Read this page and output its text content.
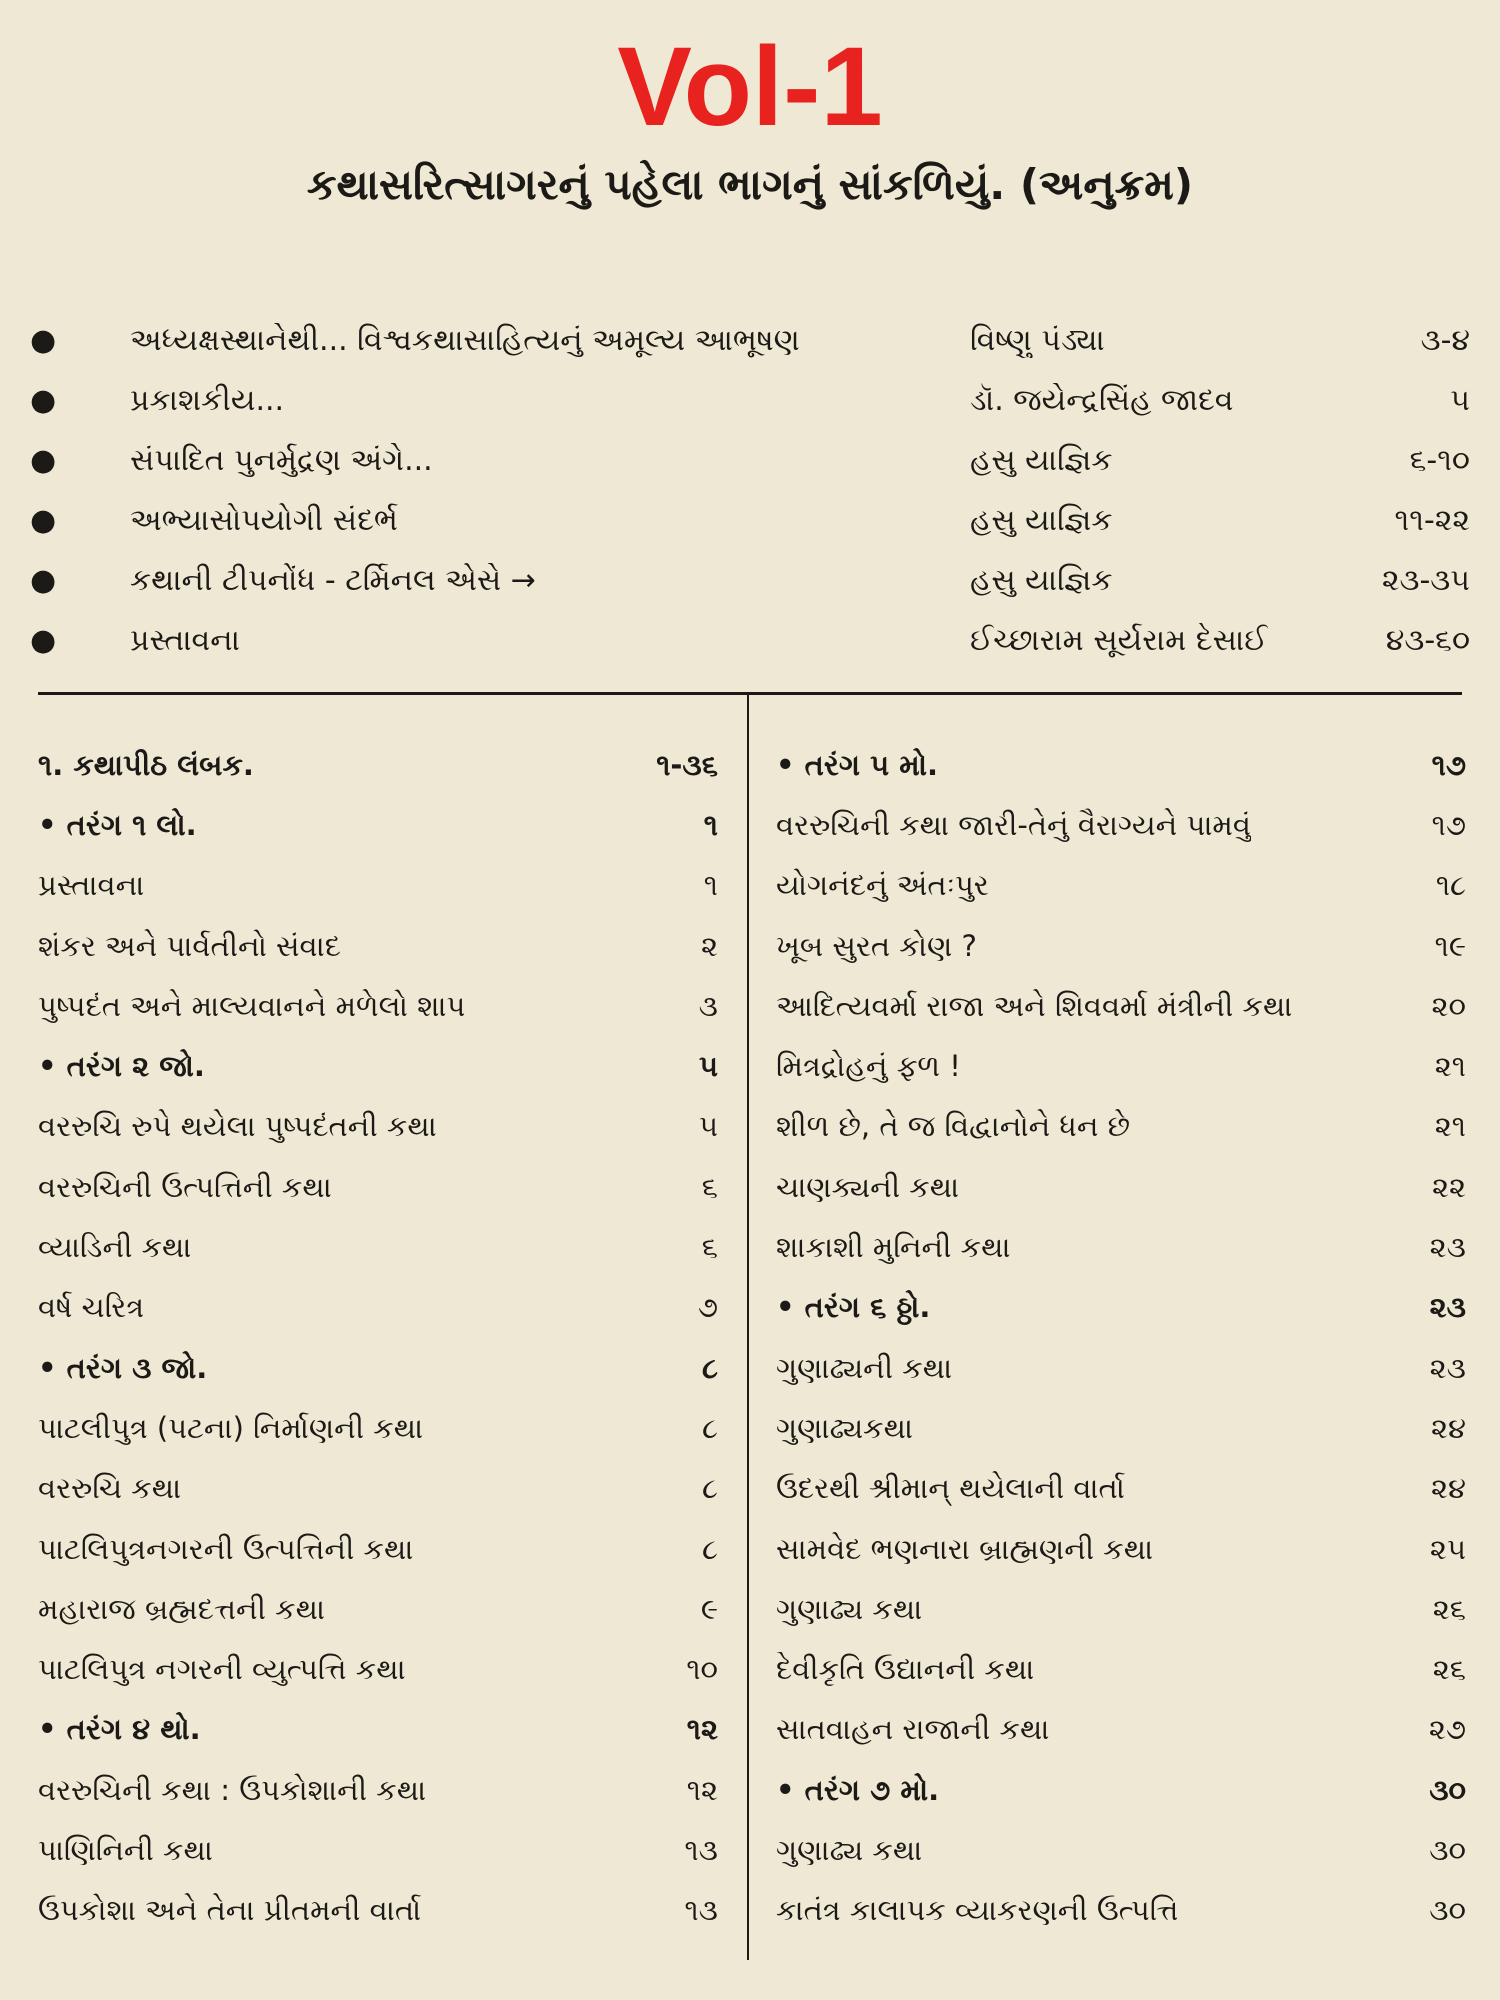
Vol-1
કથાસરિત્સાગરનું પહેલા ભાગનું સાંકળિયું. (અનુક્રમ)
●	અધ્યક્ષસ્થાનેથી... વિશ્વકથાસાહિત્યનું અમૂલ્ય આભૂષણ	વિષ્ણુ પંડ્યા	૩-૪
●	પ્રકાશકીય...	ડૉ. જયેન્દ્રસિંહ જાદવ	૫
●	સંપાદિત પુનર્મુદ્રણ અંગે...	હસુ યાજ્ઞિક	૬-૧૦
●	અભ્યાસોપયોગી સંદર્ભ	હસુ યાજ્ઞિક	૧૧-૨૨
●	કથાની ટીપનોંધ - ટર્મિનલ એસે →	હસુ યાજ્ઞિક	૨૩-૩૫
●	પ્રસ્તાવના	ઈચ્છારામ સૂર્યરામ દેસાઈ	૪૩-૬૦
૧. કથાપીઠ લંબક.	૧-૩૬
• તરંગ ૧ લો.	૧
પ્રસ્તાવના	૧
શંકર અને પાર્વતીનો સંવાદ	૨
પુષ્પદંત અને માલ્યવાનને મળેલો શાપ	૩
• તરંગ ૨ જો.	૫
વરરુચિ રુપે થયેલા પુષ્પદંતની કથા	૫
વરરુચિની ઉત્પત્તિની કથા	૬
વ્યાડિની કથા	૬
વર્ષ ચરિત્ર	૭
• તરંગ ૩ જો.	૮
પાટલીપુત્ર (પટના) નિર્માણની કથા	૮
વરરુચિ કથા	૮
પાટલિપુત્રનગરની ઉત્પત્તિની કથા	૮
મહારાજ બ્રહ્મદત્તની કથા	૯
પાટલિપુત્ર નગરની વ્યુત્પત્તિ કથા	૧૦
• તરંગ ૪ થો.	૧૨
વરરુચિની કથા : ઉપકોશાની કથા	૧૨
પાણિનિની કથા	૧૩
ઉપકોશા અને તેના પ્રીતમની વાર્તા	૧૩
• તરંગ ૫ મો.	૧૭
વરરુચિની કથા જારી-તેનું વૈરાગ્યને પામવું	૧૭
યોગનંદનું અંતઃપુર	૧૮
ખૂબ સુરત કોણ ?	૧૯
આદિત્યવર્મા રાજા અને શિવવર્મા મંત્રીની કથા	૨૦
મિત્રદ્રોહનું ફળ !	૨૧
શીળ છે, તે જ વિદ્વાનોને ધન છે	૨૧
ચાણક્યની કથા	૨૨
શાકાશી મુનિની કથા	૨૩
• તરંગ ૬ ઠ્ઠો.	૨૩
ગુણાઢ્યની કથા	૨૩
ગુણાઢ્યકથા	૨૪
ઉંદરથી શ્રીમાન્ થયેલાની વાર્તા	૨૪
સામવેદ ભણનારા બ્રાહ્મણની કથા	૨૫
ગુણાઢ્ય કથા	૨૬
દેવીકૃતિ ઉદ્યાનની કથા	૨૬
સાતવાહન રાજાની કથા	૨૭
• તરંગ ૭ મો.	૩૦
ગુણાઢ્ય કથા	૩૦
કાતંત્ર કાલાપક વ્યાકરણની ઉત્પત્તિ	૩૦
